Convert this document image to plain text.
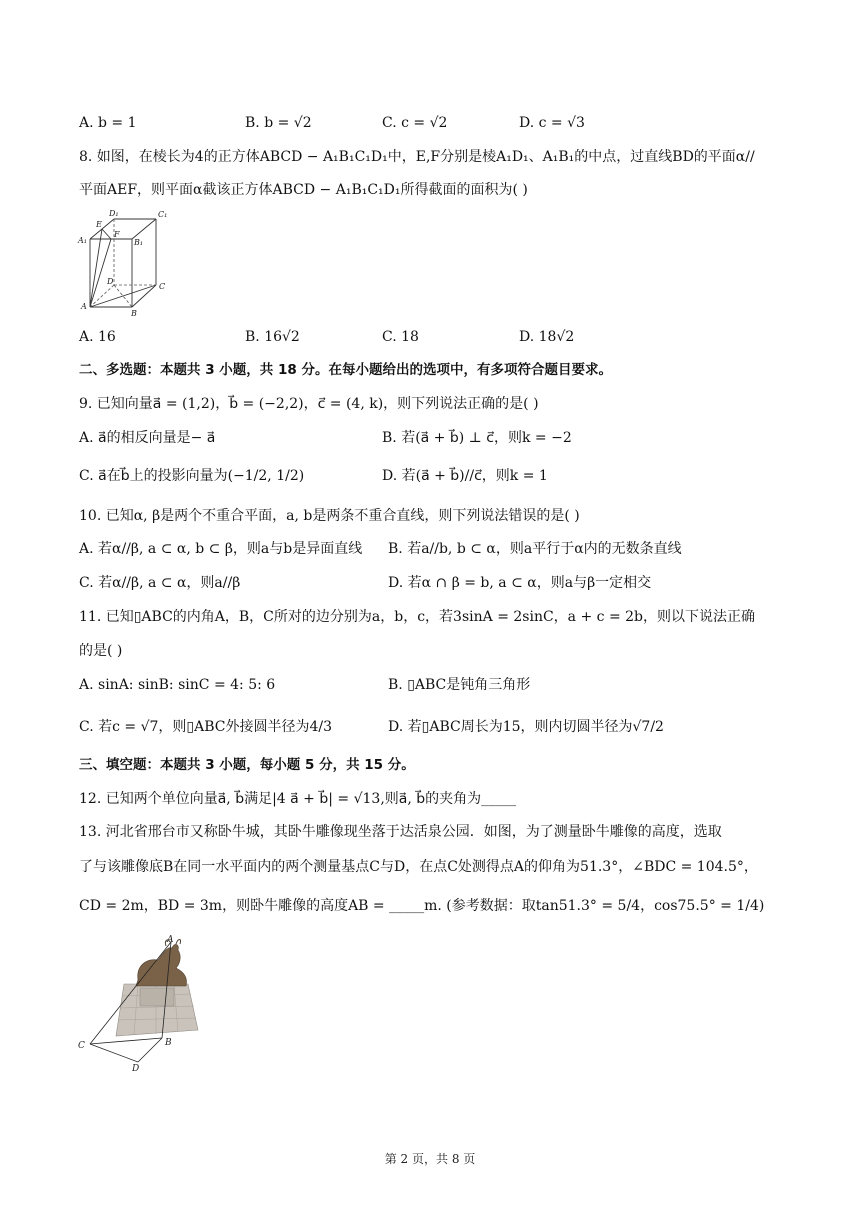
A. b = 1	B. b = √2	C. c = √2	D. c = √3
8. 如图，在棱长为4的正方体ABCD − A₁B₁C₁D₁中，E,F分别是棱A₁D₁、A₁B₁的中点，过直线BD的平面α//
平面AEF，则平面α截该正方体ABCD − A₁B₁C₁D₁所得截面的面积为( )
E
D₁	C₁
A₁
F
B₁
D
C
A
B
A. 16	B. 16√2	C. 18	D. 18√2
二、多选题：本题共 3 小题，共 18 分。在每小题给出的选项中，有多项符合题目要求。
9. 已知向量a⃗ = (1,2)，b⃗ = (−2,2)，c⃗ = (4, k)，则下列说法正确的是( )
A. a⃗的相反向量是− a⃗	B. 若(a⃗ + b⃗) ⊥ c⃗，则k = −2
C. a⃗在b⃗上的投影向量为(−1/2, 1/2)	D. 若(a⃗ + b⃗)//c⃗，则k = 1
10. 已知α, β是两个不重合平面，a, b是两条不重合直线，则下列说法错误的是( )
A. 若α//β, a ⊂ α, b ⊂ β，则a与b是异面直线 B. 若a//b, b ⊂ α，则a平行于α内的无数条直线
C. 若α//β, a ⊂ α，则a//β	D. 若α ∩ β = b, a ⊂ α，则a与β一定相交
11. 已知▯ABC的内角A，B，C所对的边分别为a，b，c，若3sinA = 2sinC，a + c = 2b，则以下说法正确
的是( )
A. sinA: sinB: sinC = 4: 5: 6	B. ▯ABC是钝角三角形
C. 若c = √7，则▯ABC外接圆半径为4/3	D. 若▯ABC周长为15，则内切圆半径为√7/2
三、填空题：本题共 3 小题，每小题 5 分，共 15 分。
12. 已知两个单位向量a⃗, b⃗满足|4 a⃗ + b⃗| = √13,则a⃗, b⃗的夹角为_____
13. 河北省邢台市又称卧牛城，其卧牛雕像现坐落于达活泉公园．如图，为了测量卧牛雕像的高度，选取
了与该雕像底B在同一水平面内的两个测量基点C与D，在点C处测得点A的仰角为51.3°，∠BDC = 104.5°，
CD = 2m，BD = 3m，则卧牛雕像的高度AB = _____m. (参考数据：取tan51.3° = 5/4，cos75.5° = 1/4)
A
C	B
D
第 2 页，共 8 页
